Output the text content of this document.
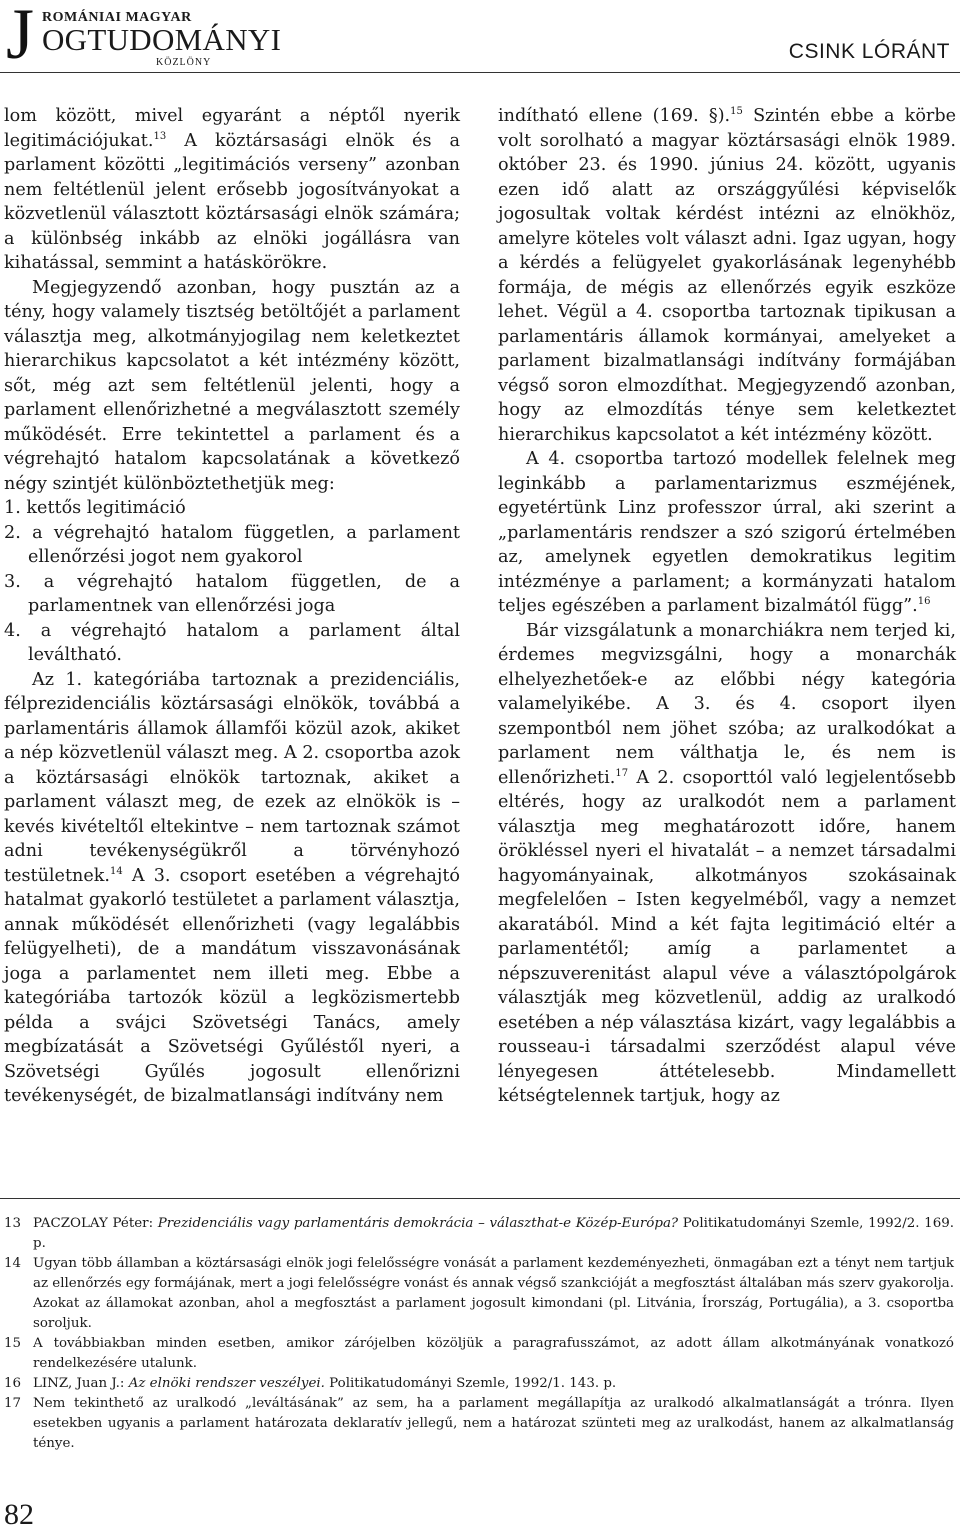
J ROMÁNIAI MAGYAR
OGTUDOMÁNYI
KÖZLÖNY	CSINK LÓRÁNT

lom között, mivel egyaránt a néptől nyerik legitimációjukat.$^{13}$ A köztársasági elnök és a parlament közötti „legitimációs verseny” azonban nem feltétlenül jelent erősebb jogosítványokat a közvetlenül választott köztársasági elnök számára; a különbség inkább az elnöki jogállásra van kihatással, semmint a hatáskörökre.

Megjegyzendő azonban, hogy pusztán az a tény, hogy valamely tisztség betöltőjét a parlament választja meg, alkotmányjogilag nem keletkeztet hierarchikus kapcsolatot a két intézmény között, sőt, még azt sem feltétlenül jelenti, hogy a parlament ellenőrizhetné a megválasztott személy működését. Erre tekintettel a parlament és a végrehajtó hatalom kapcsolatának a következő négy szintjét különböztethetjük meg:

1. kettős legitimáció
2. a végrehajtó hatalom független, a parlament ellenőrzési jogot nem gyakorol
3. a végrehajtó hatalom független, de a parlamentnek van ellenőrzési joga
4. a végrehajtó hatalom a parlament által leváltható.

Az 1. kategóriába tartoznak a prezidenciális, félprezidenciális köztársasági elnökök, továbbá a parlamentáris államok államfői közül azok, akiket a nép közvetlenül választ meg. A 2. csoportba azok a köztársasági elnökök tartoznak, akiket a parlament választ meg, de ezek az elnökök is – kevés kivételtől eltekintve – nem tartoznak számot adni tevékenységükről a törvényhozó testületnek.$^{14}$ A 3. csoport esetében a végrehajtó hatalmat gyakorló testületet a parlament választja, annak működését ellenőrizheti (vagy legalábbis felügyelheti), de a mandátum visszavonásának joga a parlamentet nem illeti meg. Ebbe a kategóriába tartozók közül a legközismertebb példa a svájci Szövetségi Tanács, amely megbízatását a Szövetségi Gyűléstől nyeri, a Szövetségi Gyűlés jogosult ellenőrizni tevékenységét, de bizalmatlansági indítvány nem

indítható ellene (169. §).$^{15}$ Szintén ebbe a körbe volt sorolható a magyar köztársasági elnök 1989. október 23. és 1990. június 24. között, ugyanis ezen idő alatt az országgyűlési képviselők jogosultak voltak kérdést intézni az elnökhöz, amelyre köteles volt választ adni. Igaz ugyan, hogy a kérdés a felügyelet gyakorlásának legenyhébb formája, de mégis az ellenőrzés egyik eszköze lehet. Végül a 4. csoportba tartoznak tipikusan a parlamentáris államok kormányai, amelyeket a parlament bizalmatlansági indítvány formájában végső soron elmozdíthat. Megjegyzendő azonban, hogy az elmozdítás ténye sem keletkeztet hierarchikus kapcsolatot a két intézmény között.

A 4. csoportba tartozó modellek felelnek meg leginkább a parlamentarizmus eszméjének, egyetértünk Linz professzor úrral, aki szerint a „parlamentáris rendszer a szó szigorú értelmében az, amelynek egyetlen demokratikus legitim intézménye a parlament; a kormányzati hatalom teljes egészében a parlament bizalmától függ”.$^{16}$

Bár vizsgálatunk a monarchiákra nem terjed ki, érdemes megvizsgálni, hogy a monarchák elhelyezhetőek-e az előbbi négy kategória valamelyikébe. A 3. és 4. csoport ilyen szempontból nem jöhet szóba; az uralkodókat a parlament nem válthatja le, és nem is ellenőrizheti.$^{17}$ A 2. csoporttól való legjelentősebb eltérés, hogy az uralkodót nem a parlament választja meg meghatározott időre, hanem örökléssel nyeri el hivatalát – a nemzet társadalmi hagyományainak, alkotmányos szokásainak megfelelően – Isten kegyelméből, vagy a nemzet akaratából. Mind a két fajta legitimáció eltér a parlamentétől; amíg a parlamentet a népszuverenitást alapul véve a választópolgárok választják meg közvetlenül, addig az uralkodó esetében a nép választása kizárt, vagy legalábbis a rousseau-i társadalmi szerződést alapul véve lényegesen áttételesebb. Mindamellett kétségtelennek tartjuk, hogy az

13 PACZOLAY Péter: Prezidenciális vagy parlamentáris demokrácia – választhat-e Közép-Európa? Politikatudományi Szemle, 1992/2. 169. p.
14 Ugyan több államban a köztársasági elnök jogi felelősségre vonását a parlament kezdeményezheti, önmagában ezt a tényt nem tartjuk az ellenőrzés egy formájának, mert a jogi felelősségre vonást és annak végső szankcióját a megfosztást általában más szerv gyakorolja. Azokat az államokat azonban, ahol a megfosztást a parlament jogosult kimondani (pl. Litvánia, Írország, Portugália), a 3. csoportba soroljuk.
15 A továbbiakban minden esetben, amikor zárójelben közöljük a paragrafusszámot, az adott állam alkotmányának vonatkozó rendelkezésére utalunk.
16 LINZ, Juan J.: Az elnöki rendszer veszélyei. Politikatudományi Szemle, 1992/1. 143. p.
17 Nem tekinthető az uralkodó „leváltásának” az sem, ha a parlament megállapítja az uralkodó alkalmatlanságát a trónra. Ilyen esetekben ugyanis a parlament határozata deklaratív jellegű, nem a határozat szünteti meg az uralkodást, hanem az alkalmatlanság ténye.
82
